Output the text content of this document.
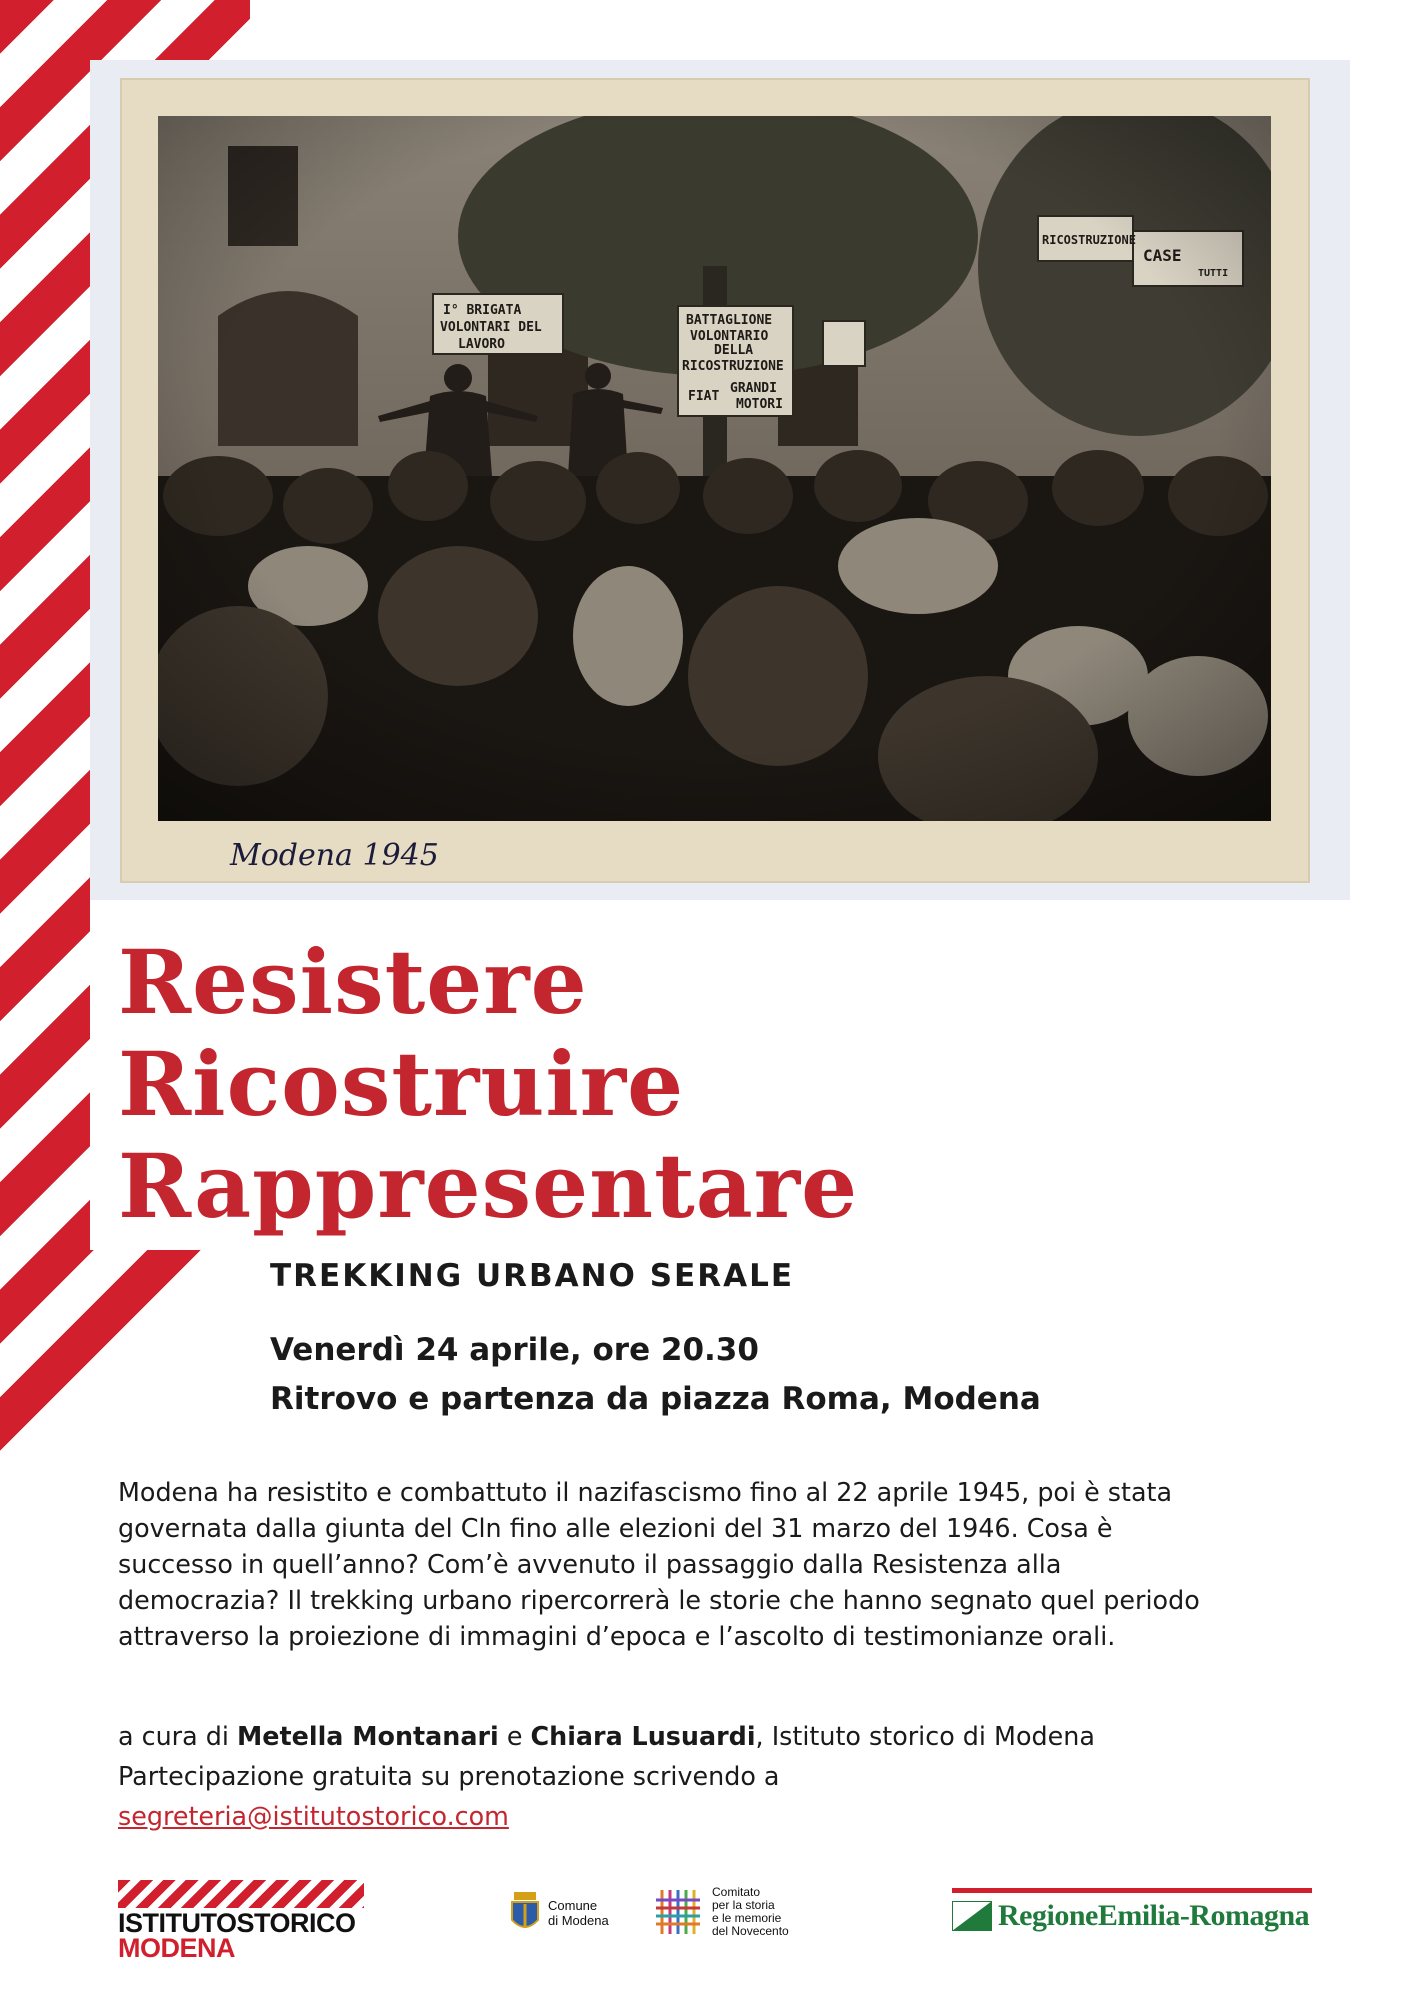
Modena 1945
Resistere
Ricostruire
Rappresentare
TREKKING URBANO SERALE
Venerdì 24 aprile, ore 20.30
Ritrovo e partenza da piazza Roma, Modena

Modena ha resistito e combattuto il nazifascismo fino al 22 aprile 1945, poi è stata

governata dalla giunta del Cln fino alle elezioni del 31 marzo del 1946. Cosa è

successo in quell’anno? Com’è avvenuto il passaggio dalla Resistenza alla

democrazia? Il trekking urbano ripercorrerà le storie che hanno segnato quel periodo

attraverso la proiezione di immagini d’epoca e l’ascolto di testimonianze orali.

a cura di Metella Montanari e Chiara Lusuardi, Istituto storico di Modena
Partecipazione gratuita su prenotazione scrivendo a
segreteria@istitutostorico.com
ISTITUTOSTORICO
MODENA
Comune
di Modena
Comitato
per la storia
e le memorie
del Novecento	RegioneEmilia-Romagna
